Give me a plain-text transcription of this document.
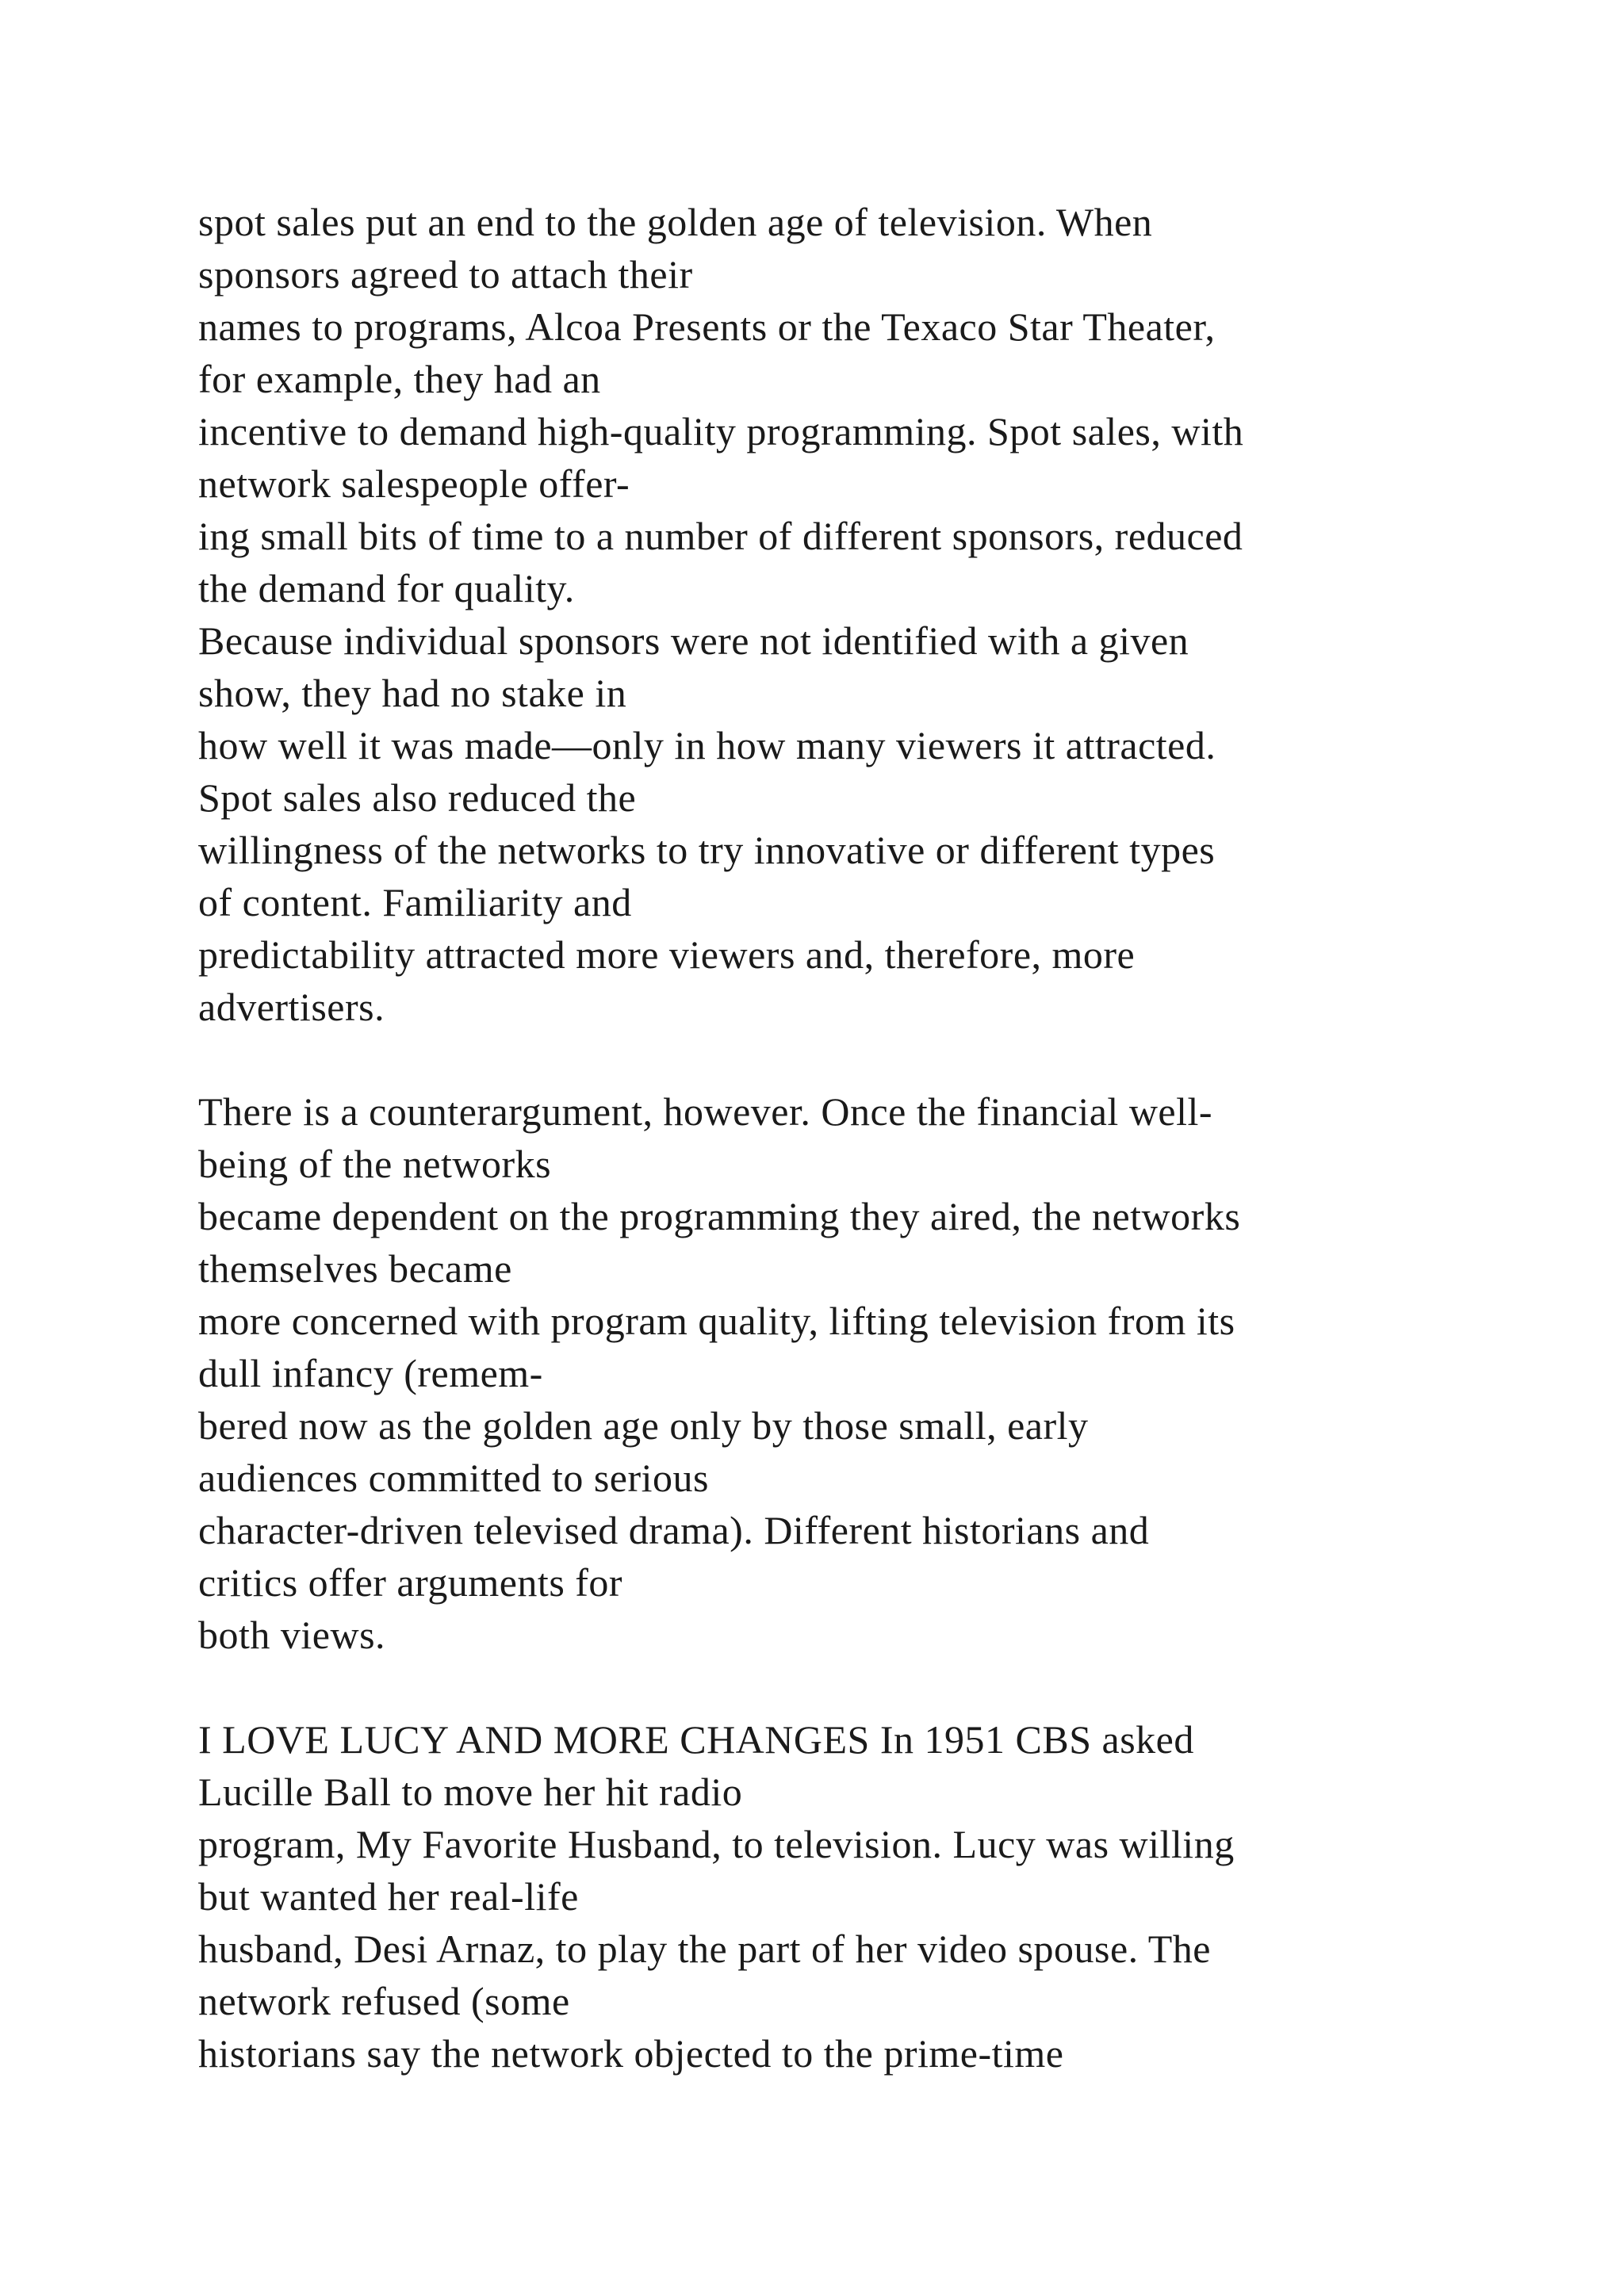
spot sales put an end to the golden age of television. When
sponsors agreed to attach their
names to programs, Alcoa Presents or the Texaco Star Theater,
for example, they had an
incentive to demand high-quality programming. Spot sales, with
network salespeople offer-
ing small bits of time to a number of different sponsors, reduced
the demand for quality.
Because individual sponsors were not identified with a given
show, they had no stake in
how well it was made—only in how many viewers it attracted.
Spot sales also reduced the
willingness of the networks to try innovative or different types
of content. Familiarity and
predictability attracted more viewers and, therefore, more
advertisers.
There is a counterargument, however. Once the financial well-
being of the networks
became dependent on the programming they aired, the networks
themselves became
more concerned with program quality, lifting television from its
dull infancy (remem-
bered now as the golden age only by those small, early
audiences committed to serious
character-driven televised drama). Different historians and
critics offer arguments for
both views.
I LOVE LUCY AND MORE CHANGES In 1951 CBS asked
Lucille Ball to move her hit radio
program, My Favorite Husband, to television. Lucy was willing
but wanted her real-life
husband, Desi Arnaz, to play the part of her video spouse. The
network refused (some
historians say the network objected to the prime-time
